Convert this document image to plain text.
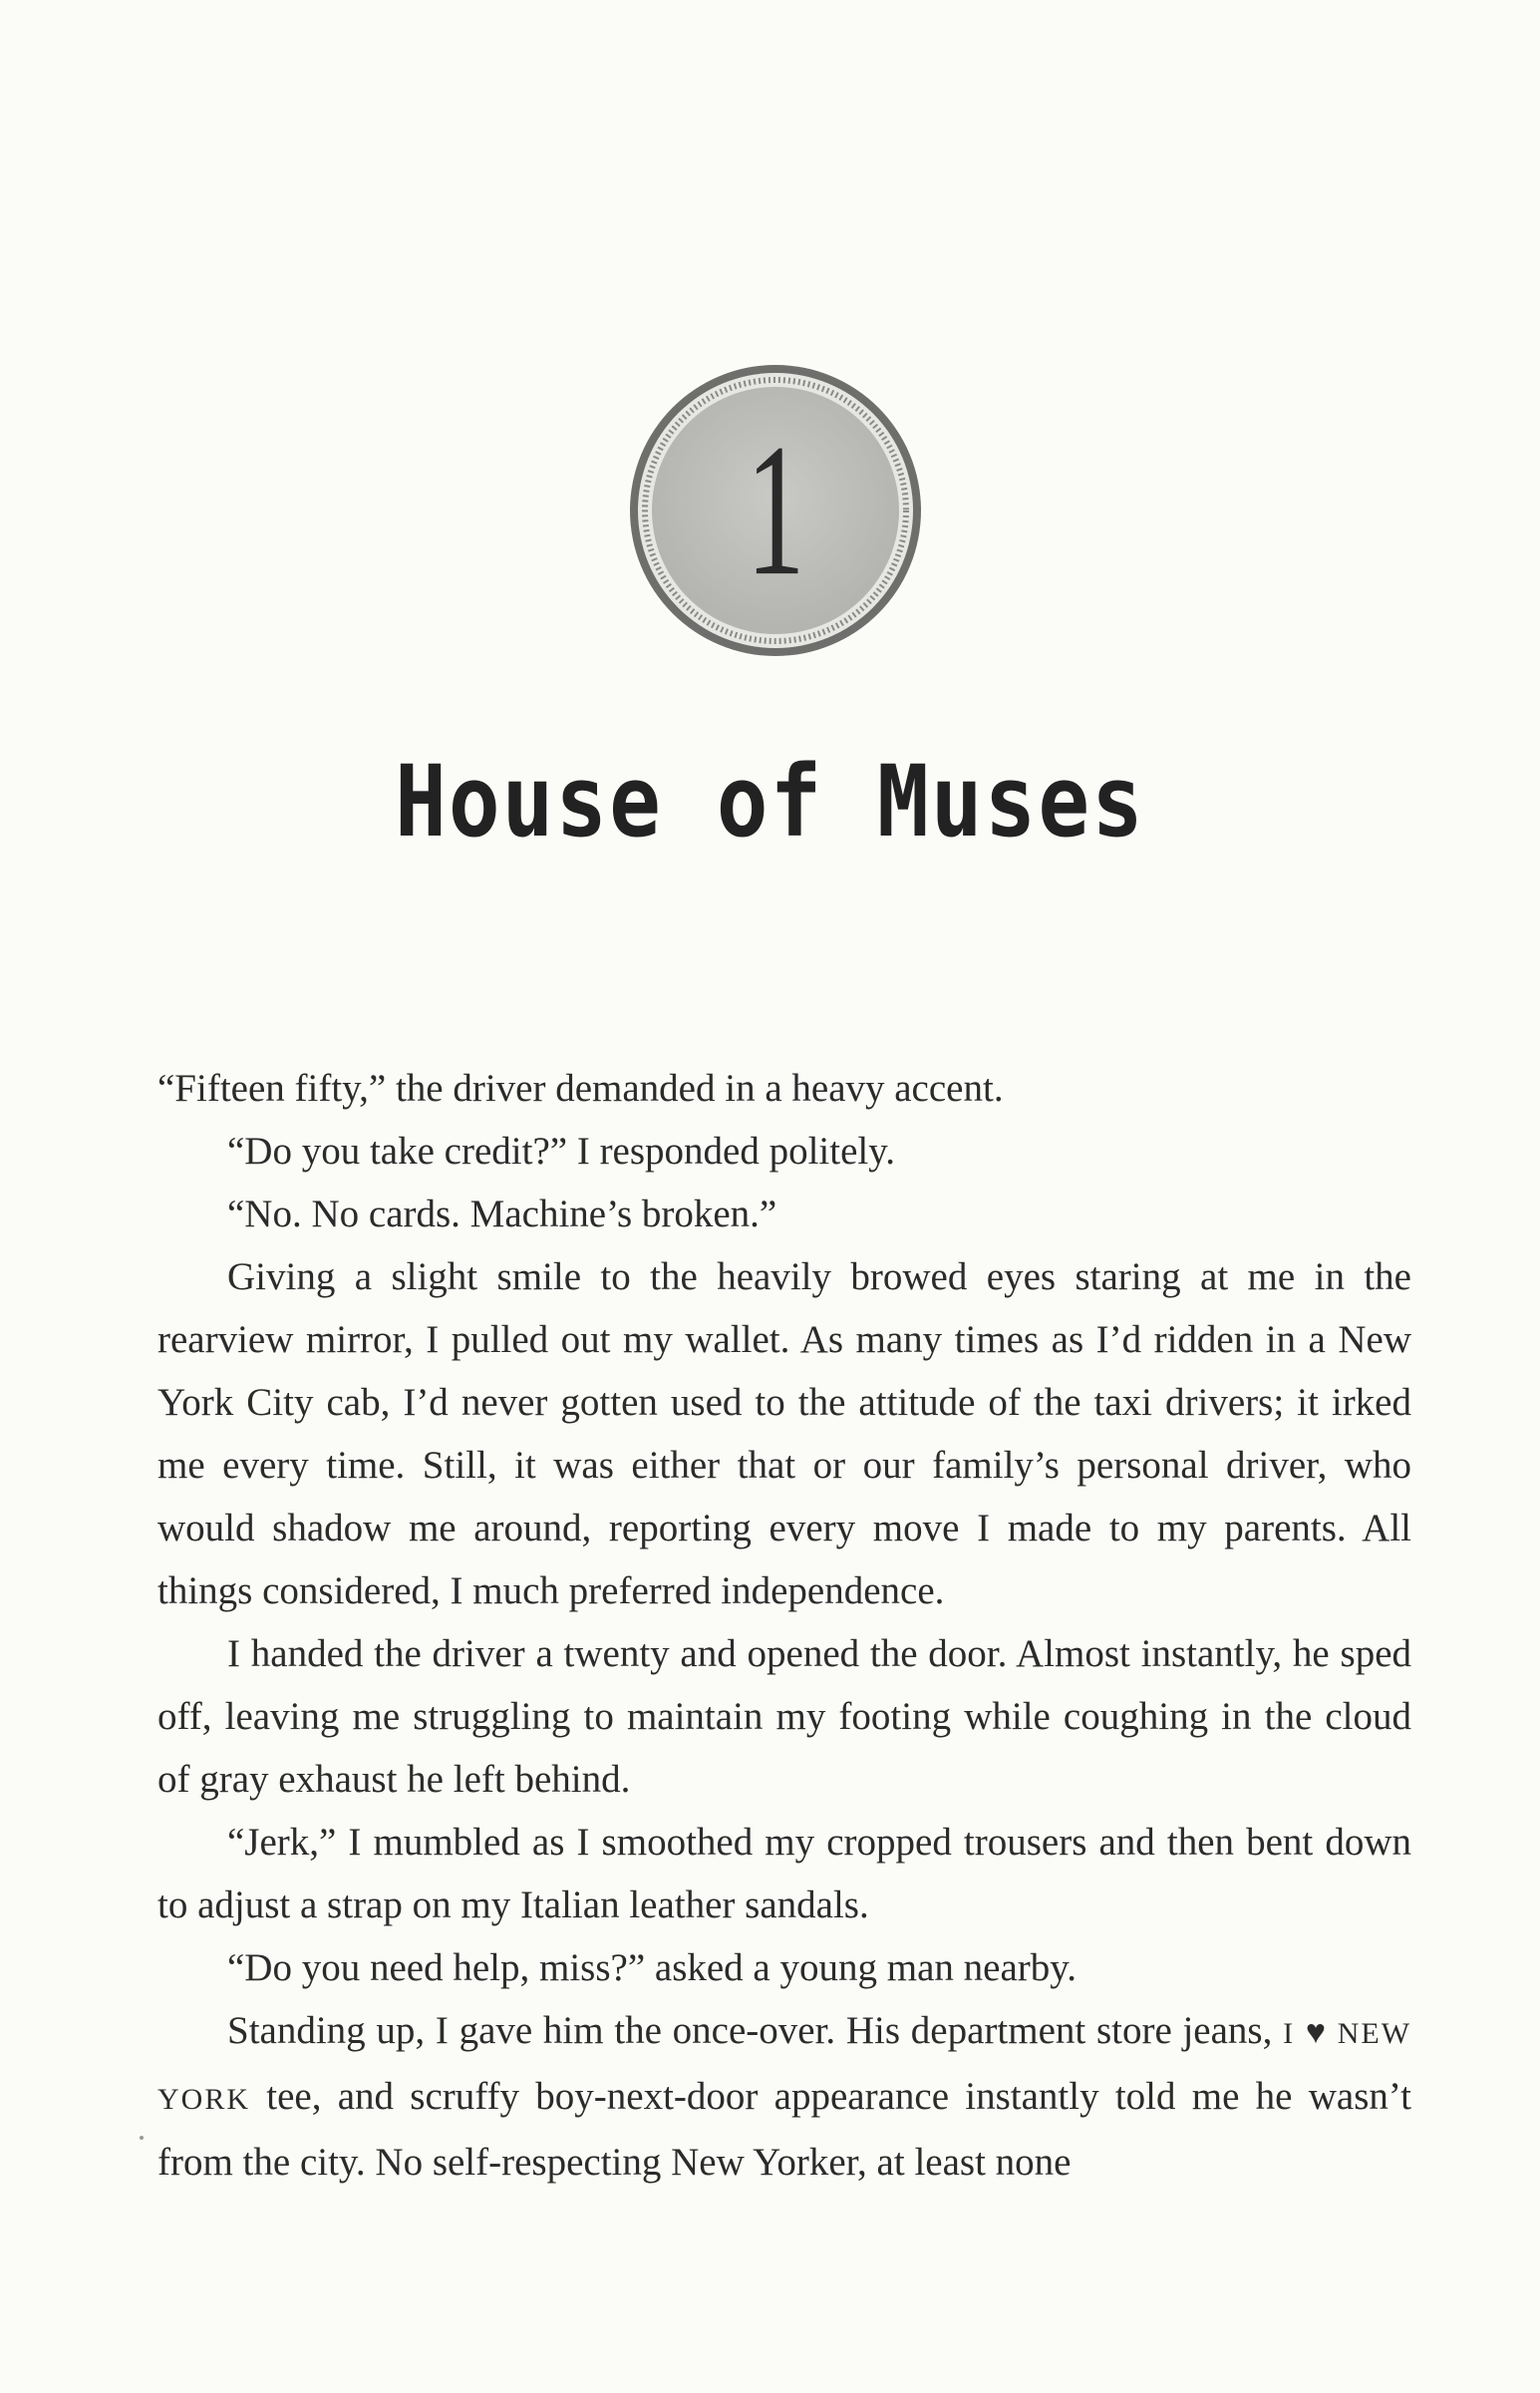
1
House of Muses

“Fifteen fifty,” the driver demanded in a heavy accent.

“Do you take credit?” I responded politely.

“No. No cards. Machine’s broken.”

Giving a slight smile to the heavily browed eyes staring at me in the rearview mirror, I pulled out my wallet. As many times as I’d ridden in a New York City cab, I’d never gotten used to the attitude of the taxi drivers; it irked me every time. Still, it was either that or our family’s personal driver, who would shadow me around, reporting every move I made to my parents. All things considered, I much preferred independence.

I handed the driver a twenty and opened the door. Almost instantly, he sped off, leaving me struggling to maintain my footing while coughing in the cloud of gray exhaust he left behind.

“Jerk,” I mumbled as I smoothed my cropped trousers and then bent down to adjust a strap on my Italian leather sandals.

“Do you need help, miss?” asked a young man nearby.

Standing up, I gave him the once-over. His department store jeans, I ♥ NEW YORK tee, and scruffy boy-next-door appearance instantly told me he wasn’t from the city. No self-respecting New Yorker, at least none
